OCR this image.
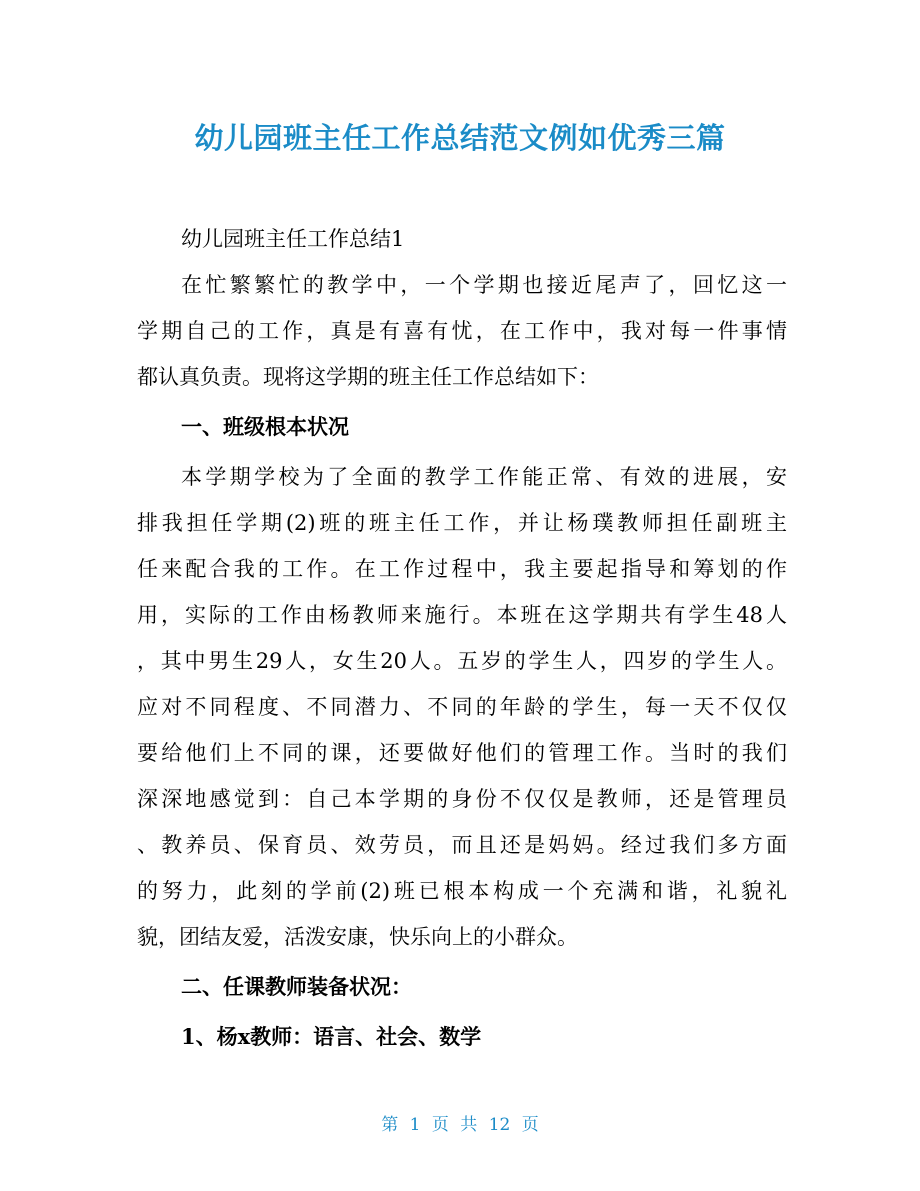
幼儿园班主任工作总结范文例如优秀三篇
幼儿园班主任工作总结1
在忙繁繁忙的教学中，一个学期也接近尾声了，回忆这一
学期自己的工作，真是有喜有忧，在工作中，我对每一件事情
都认真负责。现将这学期的班主任工作总结如下：
一、班级根本状况
本学期学校为了全面的教学工作能正常、有效的进展，安
排我担任学期(2)班的班主任工作，并让杨璞教师担任副班主
任来配合我的工作。在工作过程中，我主要起指导和筹划的作
用，实际的工作由杨教师来施行。本班在这学期共有学生48人
，其中男生29人，女生20人。五岁的学生人，四岁的学生人。
应对不同程度、不同潜力、不同的年龄的学生，每一天不仅仅
要给他们上不同的课，还要做好他们的管理工作。当时的我们
深深地感觉到：自己本学期的身份不仅仅是教师，还是管理员
、教养员、保育员、效劳员，而且还是妈妈。经过我们多方面
的努力，此刻的学前(2)班已根本构成一个充满和谐，礼貌礼
貌，团结友爱，活泼安康，快乐向上的小群众。
二、任课教师装备状况：
1、杨x教师：语言、社会、数学
第 1 页 共 12 页
